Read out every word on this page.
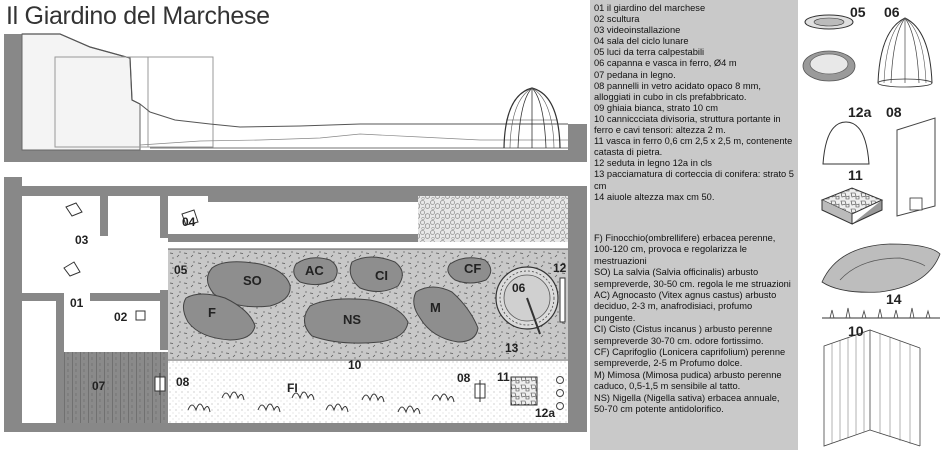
Il Giardino del Marchese
03
01
02
04
05
06
07	08	08
10
11
12
12a
13
FI
SO
AC	CI	CF
F	NS
M
05 06
12a 08
11
14
10
01 il giardino del marchese
02 scultura
03 videoinstallazione
04 sala del ciclo lunare
05 luci da terra calpestabili
06 capanna e vasca in ferro, Ø4 m
07 pedana in legno.
08 pannelli in vetro acidato opaco 8 mm, alloggiati in cubo in cls prefabbricato.
09 ghiaia bianca, strato 10 cm
10 canniccciata divisoria, struttura portante in ferro e cavi tensori: altezza 2 m.
11 vasca in ferro 0,6 cm 2,5 x 2,5 m, contenente catasta di pietra.
12 seduta in legno 12a in cls
13 pacciamatura di corteccia di conifera: strato 5 cm
14 aiuole altezza max cm 50.
F) Finocchio(ombrellifere) erbacea perenne, 100-120 cm, provoca e regolarizza le mestruazioni
SO) La salvia (Salvia officinalis) arbusto sempreverde, 30-50 cm. regola le me struazioni
AC) Agnocasto (Vitex agnus castus) arbusto deciduo, 2-3 m, anafrodisiaci, profumo pungente.
CI) Cisto (Cistus incanus ) arbusto perenne sempreverde 30-70 cm. odore fortissimo.
CF) Caprifoglio (Lonicera caprifolium) perenne sempreverde, 2-5 m Profumo dolce.
M) Mimosa (Mimosa pudica) arbusto perenne caduco, 0,5-1,5 m sensibile al tatto.
NS) Nigella (Nigella sativa) erbacea annuale, 50-70 cm potente antidolorifico.
